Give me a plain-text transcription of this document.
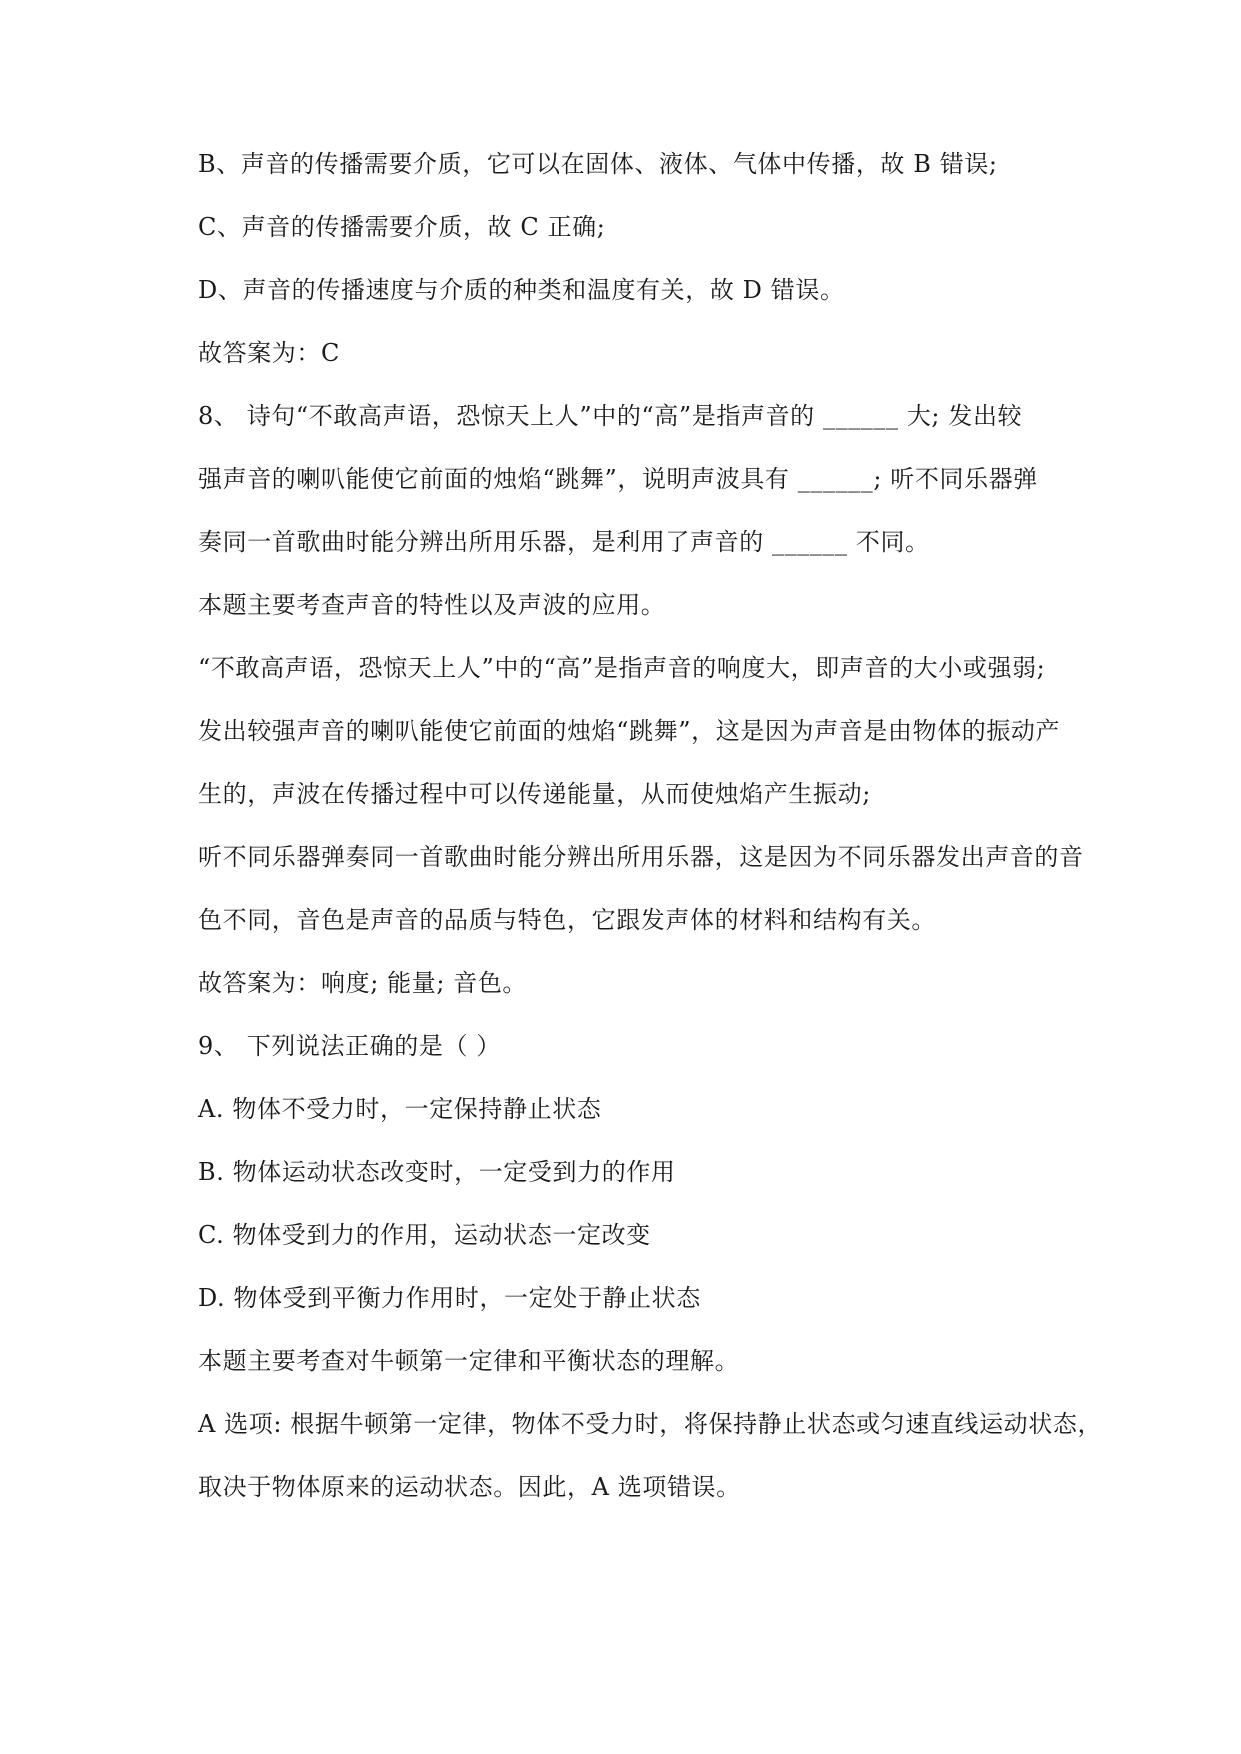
B、声音的传播需要介质，它可以在固体、液体、气体中传播，故 B 错误;
C、声音的传播需要介质，故 C 正确;
D、声音的传播速度与介质的种类和温度有关，故 D 错误。
故答案为：C
8、 诗句“不敢高声语，恐惊天上人”中的“高”是指声音的 ______ 大; 发出较
强声音的喇叭能使它前面的烛焰“跳舞”，说明声波具有 ______; 听不同乐器弹
奏同一首歌曲时能分辨出所用乐器，是利用了声音的 ______ 不同。
本题主要考查声音的特性以及声波的应用。
“不敢高声语，恐惊天上人”中的“高”是指声音的响度大，即声音的大小或强弱;
发出较强声音的喇叭能使它前面的烛焰“跳舞”，这是因为声音是由物体的振动产
生的，声波在传播过程中可以传递能量，从而使烛焰产生振动;
听不同乐器弹奏同一首歌曲时能分辨出所用乐器，这是因为不同乐器发出声音的音
色不同，音色是声音的品质与特色，它跟发声体的材料和结构有关。
故答案为：响度; 能量; 音色。
9、 下列说法正确的是（ ）
A. 物体不受力时，一定保持静止状态
B. 物体运动状态改变时，一定受到力的作用
C. 物体受到力的作用，运动状态一定改变
D. 物体受到平衡力作用时，一定处于静止状态
本题主要考查对牛顿第一定律和平衡状态的理解。
A 选项: 根据牛顿第一定律，物体不受力时，将保持静止状态或匀速直线运动状态，
取决于物体原来的运动状态。因此，A 选项错误。
